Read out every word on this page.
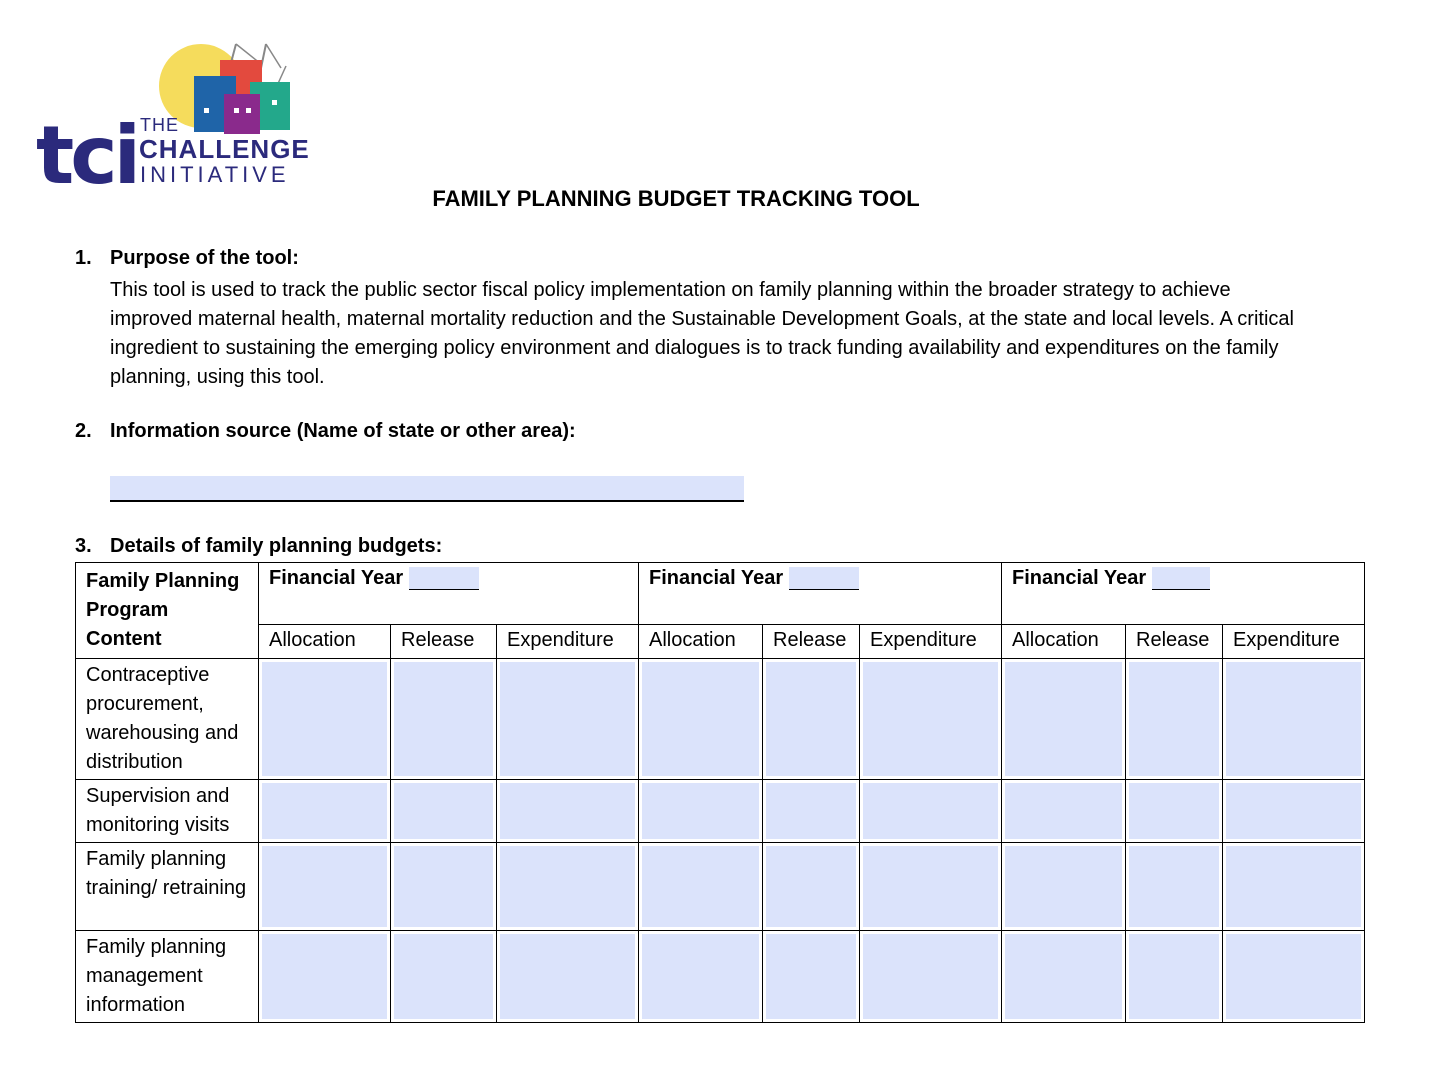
tci THE
CHALLENGE
INITIATIVE
FAMILY PLANNING BUDGET TRACKING TOOL
1. Purpose of the tool:
This tool is used to track the public sector fiscal policy implementation on family planning within the broader strategy to achieve improved maternal health, maternal mortality reduction and the Sustainable Development Goals, at the state and local levels. A critical ingredient to sustaining the emerging policy environment and dialogues is to track funding availability and expenditures on the family planning, using this tool.
2. Information source (Name of state or other area):
3. Details of family planning budgets:
Family Planning Program Content	Financial Year			Financial Year			Financial Year		
	Allocation	Release	Expenditure	Allocation	Release	Expenditure	Allocation	Release	Expenditure
Contraceptive procurement, warehousing and distribution	

Supervision and monitoring visits	

Family planning training/ retraining	

Family planning management information	
